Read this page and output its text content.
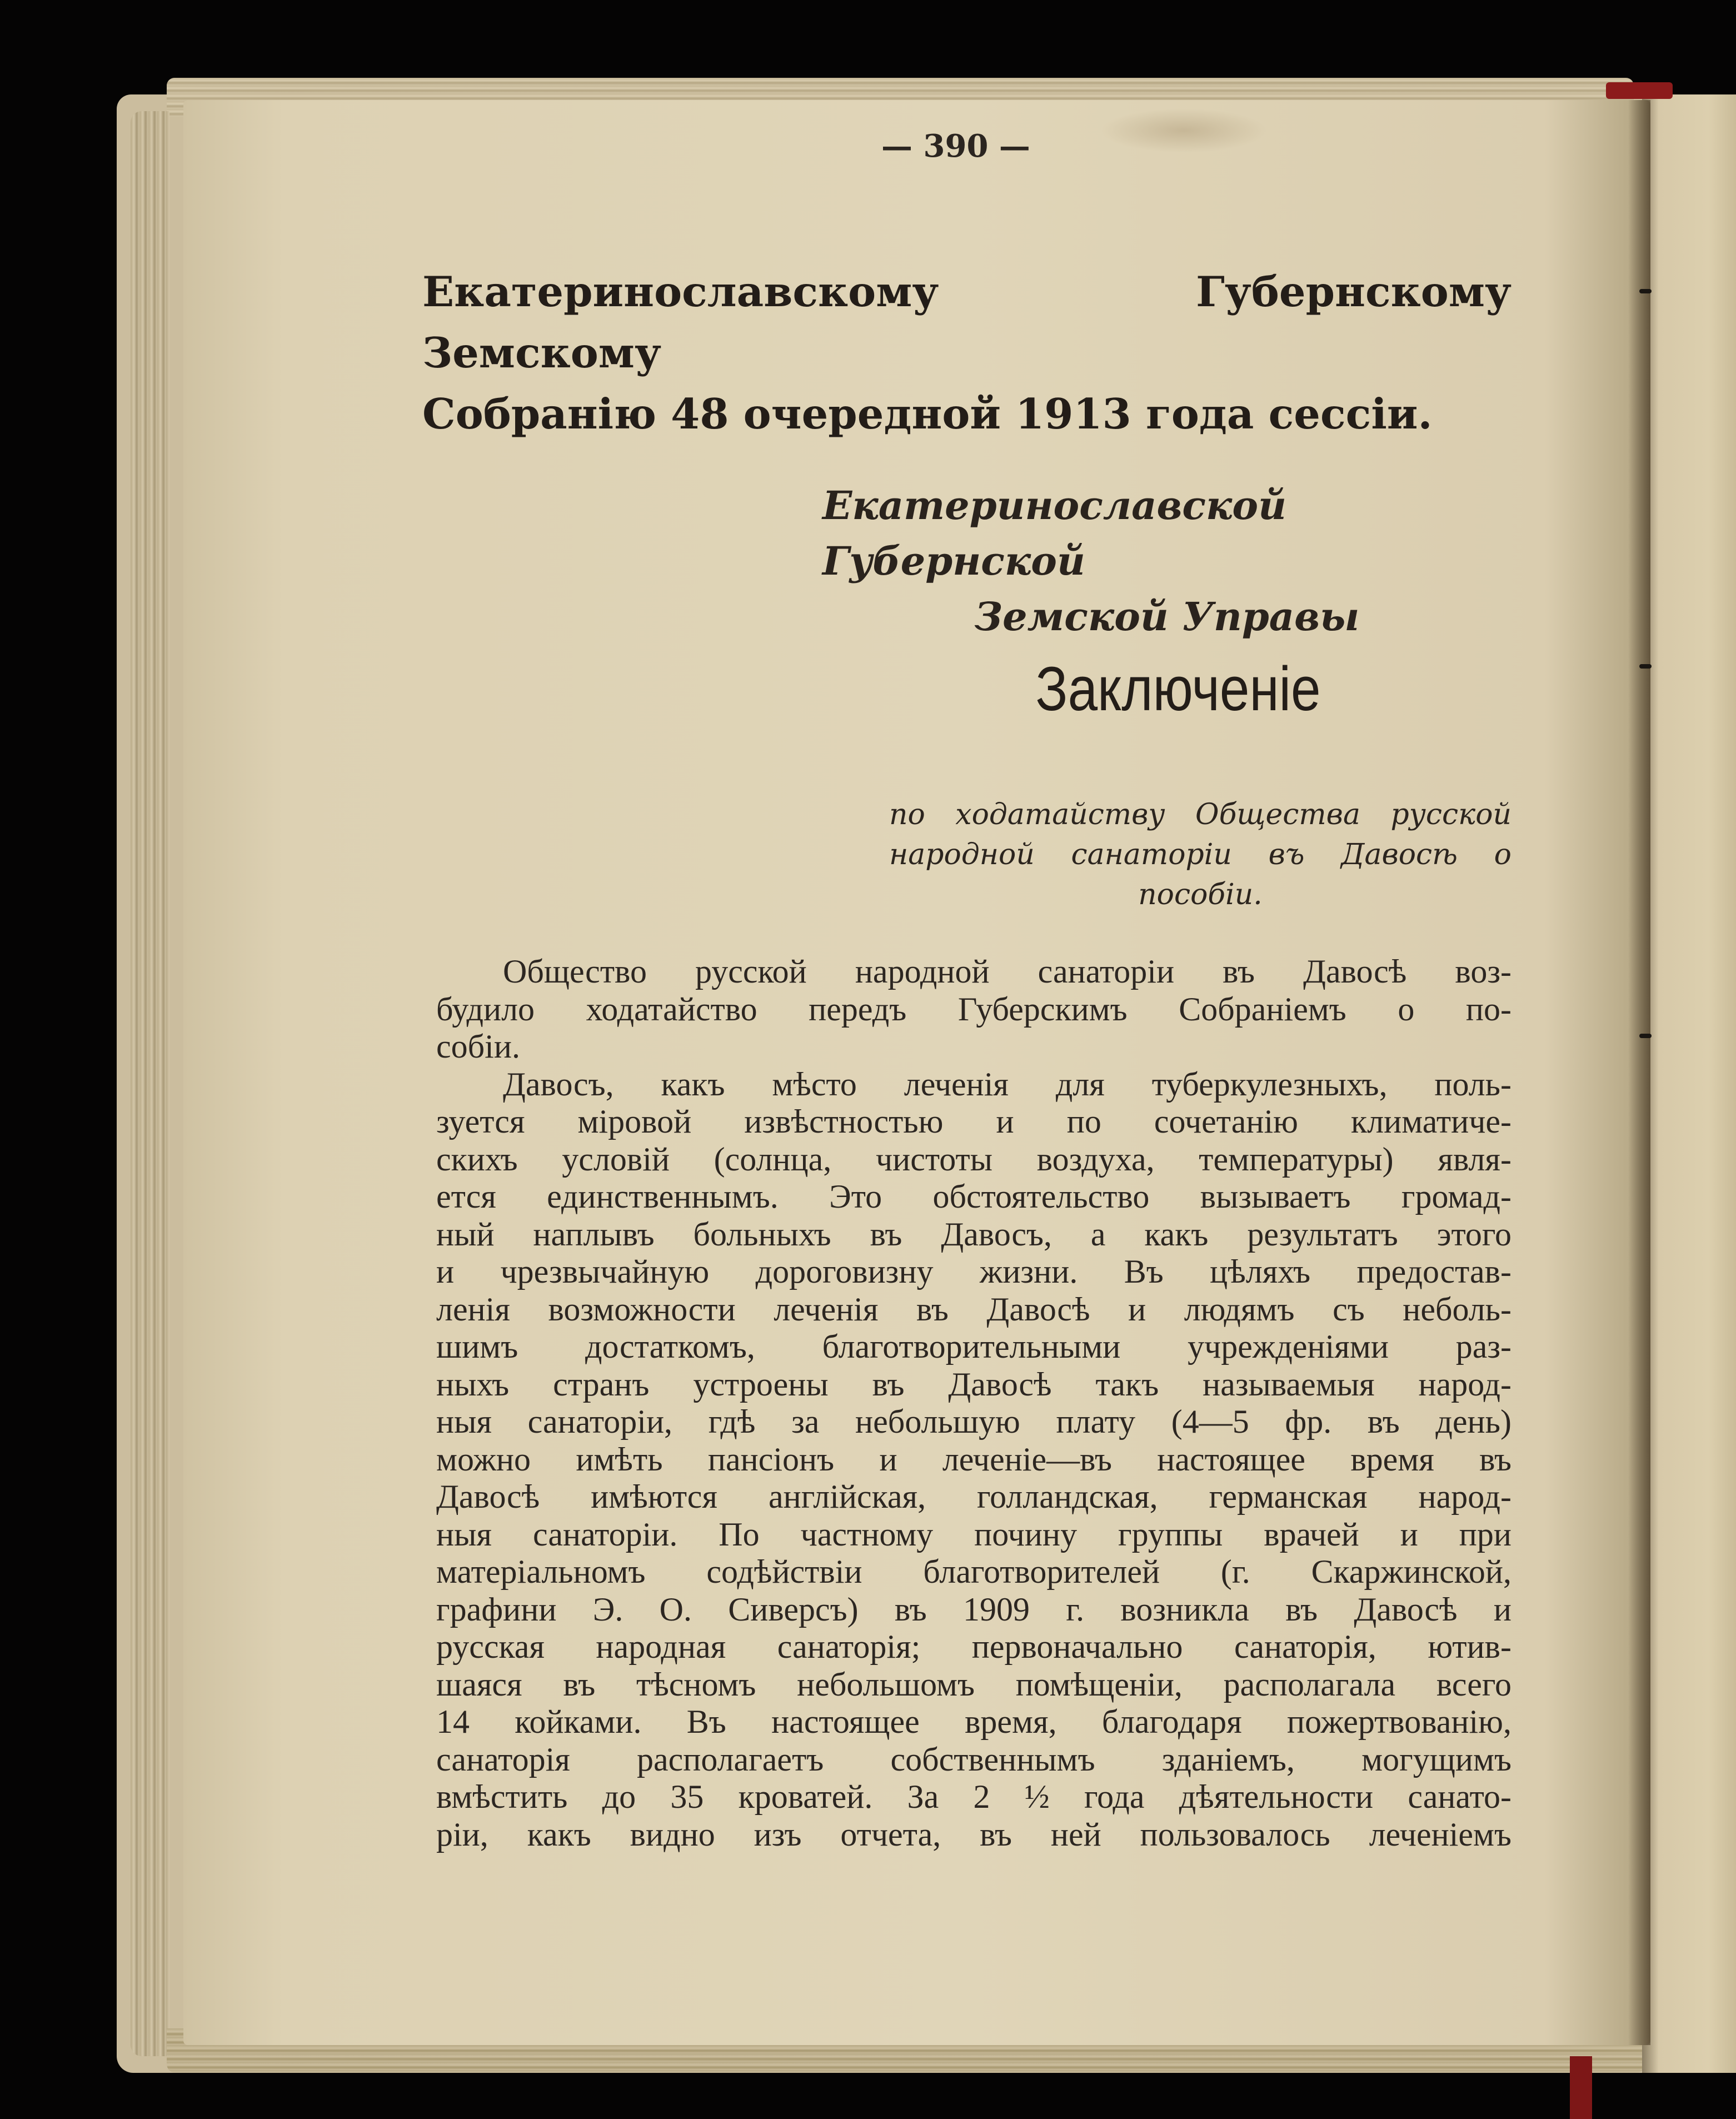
— 390 —
Екатеринославскому Губернскому Земскому
Собранію 48 очередной 1913 года сессіи.
Екатеринославской Губернской
Земской Управы
Заключеніе
по ходатайству Общества русской
народной санаторіи въ Давосѣ о
пособіи.
Общество русской народной санаторіи въ Давосѣ воз-
будило ходатайство передъ Губерскимъ Собраніемъ о по-
собіи.
Давосъ, какъ мѣсто леченія для туберкулезныхъ, поль-
зуется міровой извѣстностью и по сочетанію климатиче-
скихъ условій (солнца, чистоты воздуха, температуры) явля-
ется единственнымъ. Это обстоятельство вызываетъ громад-
ный наплывъ больныхъ въ Давосъ, а какъ результатъ этого
и чрезвычайную дороговизну жизни. Въ цѣляхъ предостав-
ленія возможности леченія въ Давосѣ и людямъ съ неболь-
шимъ достаткомъ, благотворительными учрежденіями раз-
ныхъ странъ устроены въ Давосѣ такъ называемыя народ-
ныя санаторіи, гдѣ за небольшую плату (4—5 фр. въ день)
можно имѣть пансіонъ и леченіе—въ настоящее время въ
Давосѣ имѣются англійская, голландская, германская народ-
ныя санаторіи. По частному почину группы врачей и при
матеріальномъ содѣйствіи благотворителей (г. Скаржинской,
графини Э. О. Сиверсъ) въ 1909 г. возникла въ Давосѣ и
русская народная санаторія; первоначально санаторія, ютив-
шаяся въ тѣсномъ небольшомъ помѣщеніи, располагала всего
14 койками. Въ настоящее время, благодаря пожертвованію,
санаторія располагаетъ собственнымъ зданіемъ, могущимъ
вмѣстить до 35 кроватей. За 2 ½ года дѣятельности санато-
ріи, какъ видно изъ отчета, въ ней пользовалось леченіемъ
